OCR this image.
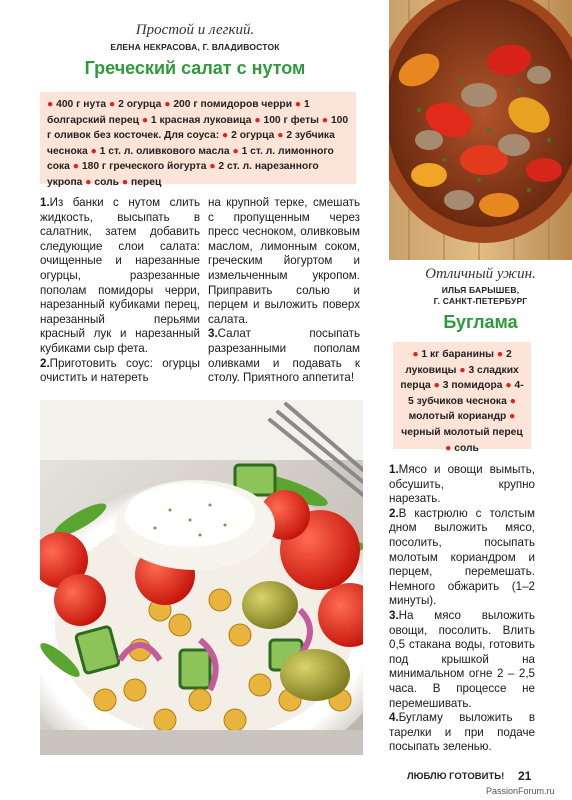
Простой и легкий.
ЕЛЕНА НЕКРАСОВА, Г. ВЛАДИВОСТОК
Греческий салат с нутом
● 400 г нута ● 2 огурца ● 200 г помидоров черри ● 1 болгарский перец ● 1 красная луковица ● 100 г феты ● 100 г оливок без косточек. Для соуса: ● 2 огурца ● 2 зубчика чеснока ● 1 ст. л. оливкового масла ● 1 ст. л. лимонного сока ● 180 г греческого йогурта ● 2 ст. л. нарезанного укропа ● соль ● перец

1.Из банки с нутом слить жидкость, высыпать в салатник, затем добавить следующие слои салата: очищенные и нарезанные огурцы, разрезанные пополам помидоры черри, нарезанный кубиками перец, нарезанный перьями красный лук и нарезанный кубиками сыр фета.

2.Приготовить соус: огурцы очистить и натереть

на крупной терке, смешать с пропущенным через пресс чесноком, оливковым маслом, лимонным соком, греческим йогуртом и измельченным укропом. Приправить солью и перцем и выложить поверх салата.

3.Салат посыпать разрезанными пополам оливками и подавать к столу. Приятного аппетита!

Отличный ужин.
ИЛЬЯ БАРЫШЕВ,
Г. САНКТ-ПЕТЕРБУРГ
Буглама
● 1 кг баранины ● 2 луковицы ● 3 сладких перца ● 3 помидора ● 4-5 зубчиков чеснока ● молотый кориандр ● черный молотый перец ● соль

1.Мясо и овощи вымыть, обсушить, крупно нарезать.

2.В кастрюлю с толстым дном выложить мясо, посолить, посыпать молотым кориандром и перцем, перемешать. Немного обжарить (1–2 минуты).

3.На мясо выложить овощи, посолить. Влить 0,5 стакана воды, готовить под крышкой на минимальном огне 2 – 2,5 часа. В процессе не перемешивать.

4.Бугламу выложить в тарелки и при подаче посыпать зеленью.

ЛЮБЛЮ ГОТОВИТЬ! 21
PassionForum.ru
